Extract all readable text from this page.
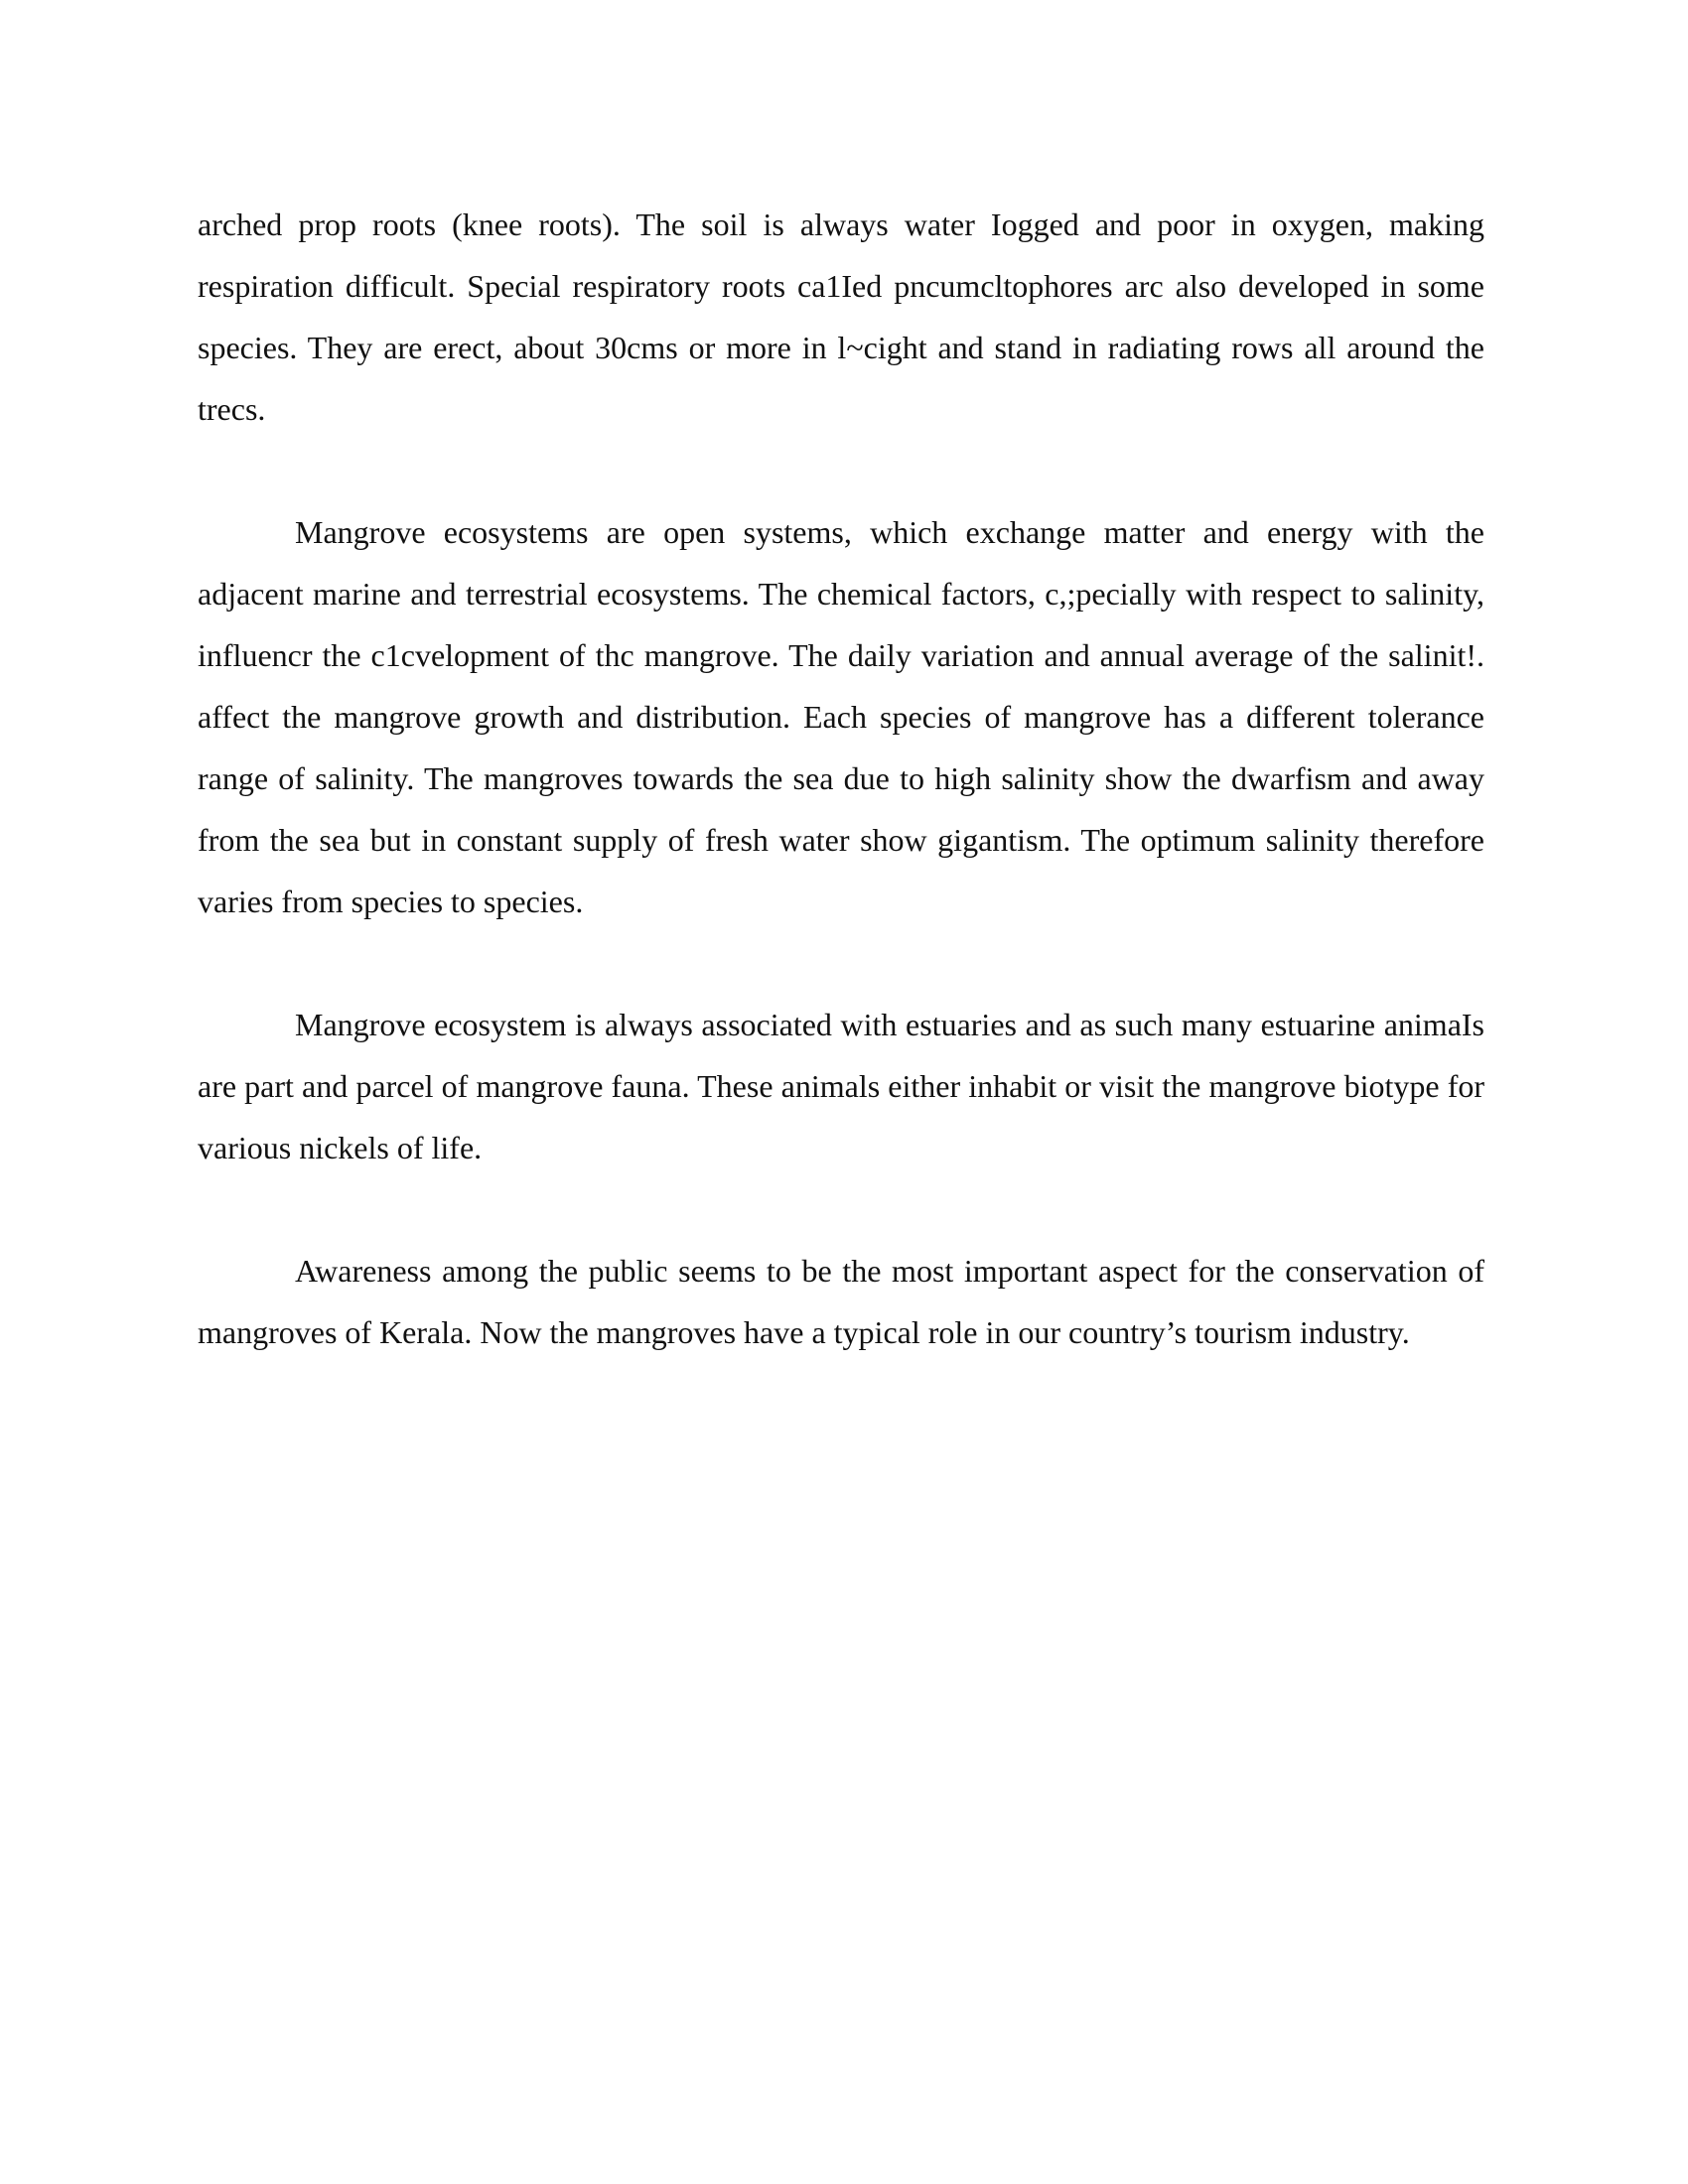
arched prop roots (knee roots). The soil is always water Iogged and poor in oxygen, making respiration difficult. Special respiratory roots ca1Ied pncumcltophores arc also developed in some species. They are erect, about 30cms or more in l~cight and stand in radiating rows all around the trecs.

Mangrove ecosystems are open systems, which exchange matter and energy with the adjacent marine and terrestrial ecosystems. The chemical factors, c,;pecially with respect to salinity, influencr the c1cvelopment of thc mangrove. The daily variation and annual average of the salinit!. affect the mangrove growth and distribution. Each species of mangrove has a different tolerance range of salinity. The mangroves towards the sea due to high salinity show the dwarfism and away from the sea but in constant supply of fresh water show gigantism. The optimum salinity therefore varies from species to species.

Mangrove ecosystem is always associated with estuaries and as such many estuarine animaIs are part and parcel of mangrove fauna. These animals either inhabit or visit the mangrove biotype for various nickels of life.

Awareness among the public seems to be the most important aspect for the conservation of mangroves of Kerala. Now the mangroves have a typical role in our country’s tourism industry.
